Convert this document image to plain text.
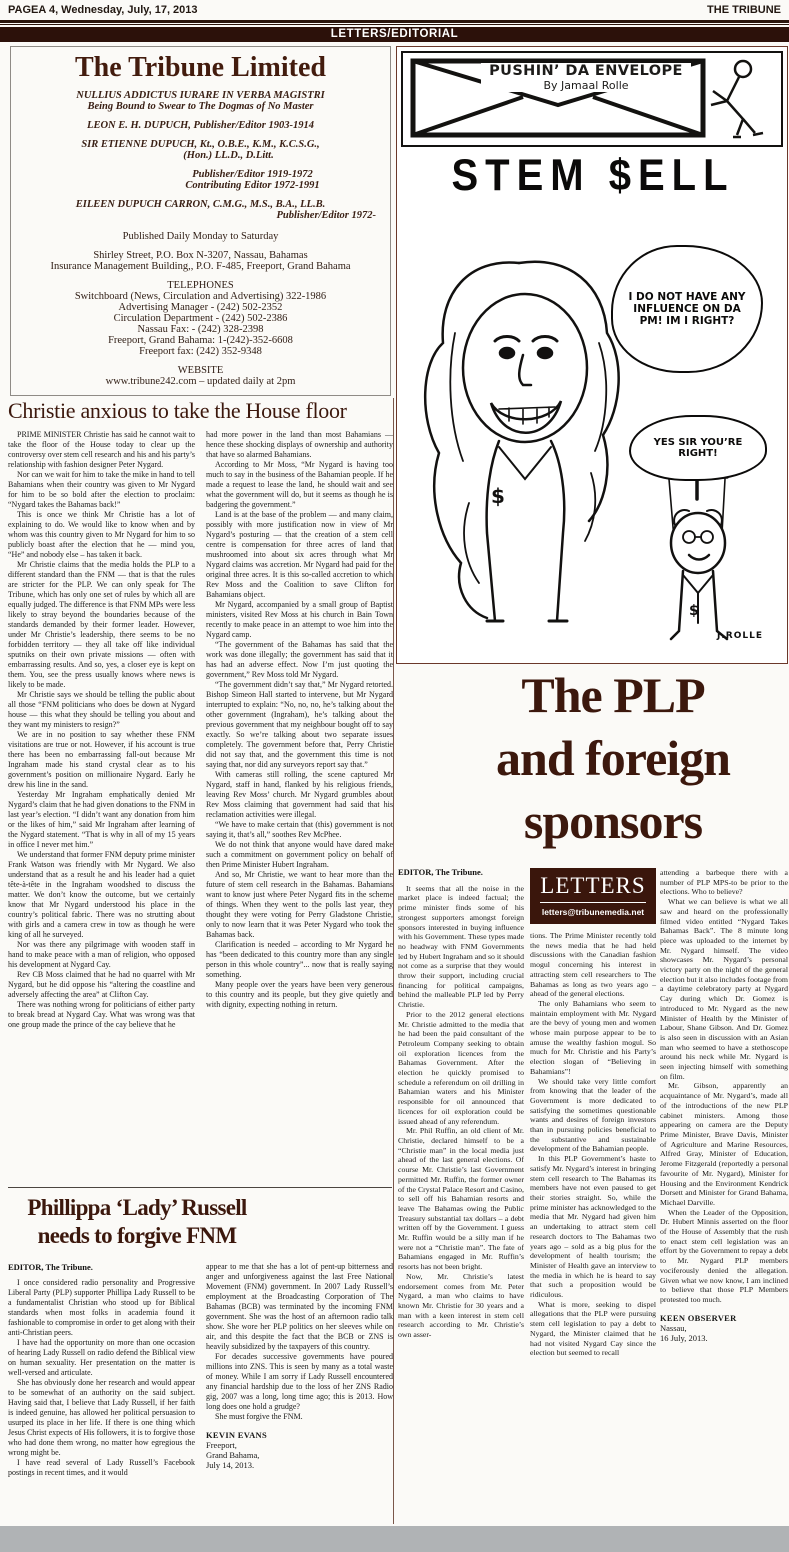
PAGEA 4, Wednesday, July, 17, 2013	THE TRIBUNE
LETTERS/EDITORIAL
The Tribune Limited
NULLIUS ADDICTUS IURARE IN VERBA MAGISTRI
Being Bound to Swear to The Dogmas of No Master
LEON E. H. DUPUCH, Publisher/Editor 1903-1914
SIR ETIENNE DUPUCH, Kt., O.B.E., K.M., K.C.S.G.,
(Hon.) LL.D., D.Litt.
Publisher/Editor 1919-1972
Contributing Editor 1972-1991
EILEEN DUPUCH CARRON, C.M.G., M.S., B.A., LL.B.
Publisher/Editor 1972-
Published Daily Monday to Saturday
Shirley Street, P.O. Box N-3207, Nassau, Bahamas
Insurance Management Building,, P.O. F-485, Freeport, Grand Bahama
TELEPHONES
Switchboard (News, Circulation and Advertising) 322-1986
Advertising Manager - (242) 502-2352
Circulation Department - (242) 502-2386
Nassau Fax: - (242) 328-2398
Freeport, Grand Bahama: 1-(242)-352-6608
Freeport fax: (242) 352-9348
WEBSITE
www.tribune242.com – updated daily at 2pm
Christie anxious to take the House floor

PRIME MINISTER Christie has said he cannot wait to take the floor of the House today to clear up the controversy over stem cell research and his and his party’s relationship with fashion designer Peter Nygard.

Nor can we wait for him to take the mike in hand to tell Bahamians when their country was given to Mr Nygard for him to be so bold after the election to proclaim: “Nygard takes the Bahamas back!”

This is once we think Mr Christie has a lot of explaining to do. We would like to know when and by whom was this country given to Mr Nygard for him to so publicly boast after the election that he — mind you, “He” and nobody else – has taken it back.

Mr Christie claims that the media holds the PLP to a different standard than the FNM — that is that the rules are stricter for the PLP. We can only speak for The Tribune, which has only one set of rules by which all are equally judged. The difference is that FNM MPs were less likely to stray beyond the boundaries because of the standards demanded by their former leader. However, under Mr Christie’s leadership, there seems to be no forbidden territory — they all take off like individual sputniks on their own private missions — often with embarrassing results. And so, yes, a closer eye is kept on them. You, see the press usually knows where news is likely to be made.

Mr Christie says we should be telling the public about all those “FNM politicians who does be down at Nygard house — this what they should be telling you about and they want my ministers to resign?”

We are in no position to say whether these FNM visitations are true or not. However, if his account is true there has been no embarrassing fall-out because Mr Ingraham made his stand crystal clear as to his government’s position on millionaire Nygard. Early he drew his line in the sand.

Yesterday Mr Ingraham emphatically denied Mr Nygard’s claim that he had given donations to the FNM in last year’s election. “I didn’t want any donation from him or the likes of him,” said Mr Ingraham after learning of the Nygard statement. “That is why in all of my 15 years in office I never met him.”

We understand that former FNM deputy prime minister Frank Watson was friendly with Mr Nygard. We also understand that as a result he and his leader had a quiet tête-à-tête in the Ingraham woodshed to discuss the matter. We don’t know the outcome, but we certainly know that Mr Nygard understood his place in the country’s political fabric. There was no strutting about with girls and a camera crew in tow as though he were king of all he surveyed.

Nor was there any pilgrimage with wooden staff in hand to make peace with a man of religion, who opposed his development at Nygard Cay.

Rev CB Moss claimed that he had no quarrel with Mr Nygard, but he did oppose his “altering the coastline and adversely affecting the area” at Clifton Cay.

There was nothing wrong for politicians of either party to break bread at Nygard Cay. What was wrong was that one group made the prince of the cay believe that he

had more power in the land than most Bahamians — hence these shocking displays of ownership and authority that have so alarmed Bahamians.

According to Mr Moss, “Mr Nygard is having too much to say in the business of the Bahamian people. If he made a request to lease the land, he should wait and see what the government will do, but it seems as though he is badgering the government.”

Land is at the base of the problem — and many claim, possibly with more justification now in view of Mr Nygard’s posturing — that the creation of a stem cell centre is compensation for three acres of land that mushroomed into about six acres through what Mr Nygard claims was accretion. Mr Nygard had paid for the original three acres. It is this so-called accretion to which Rev Moss and the Coalition to save Clifton for Bahamians object.

Mr Nygard, accompanied by a small group of Baptist ministers, visited Rev Moss at his church in Bain Town recently to make peace in an attempt to woe him into the Nygard camp.

“The government of the Bahamas has said that the work was done illegally; the government has said that it has had an adverse effect. Now I’m just quoting the government,” Rev Moss told Mr Nygard.

“The government didn’t say that,” Mr Nygard retorted. Bishop Simeon Hall started to intervene, but Mr Nygard interrupted to explain: “No, no, no, he’s talking about the other government (Ingraham), he’s talking about the previous government that my neighbour bought off to say exactly. So we’re talking about two separate issues completely. The government before that, Perry Christie did not say that, and the government this time is not saying that, nor did any surveyors report say that.”

With cameras still rolling, the scene captured Mr Nygard, staff in hand, flanked by his religious friends, leaving Rev Moss’ church. Mr Nygard grumbles about Rev Moss claiming that government had said that his reclamation activities were illegal.

“We have to make certain that (this) government is not saying it, that’s all,” soothes Rev McPhee.

We do not think that anyone would have dared make such a commitment on government policy on behalf of then Prime Minister Hubert Ingraham.

And so, Mr Christie, we want to hear more than the future of stem cell research in the Bahamas. Bahamians want to know just where Peter Nygard fits in the scheme of things. When they went to the polls last year, they thought they were voting for Perry Gladstone Christie, only to now learn that it was Peter Nygard who took the Bahamas back.

Clarification is needed – according to Mr Nygard he has “been dedicated to this country more than any single person in this whole country”... now that is really saying something.

Many people over the years have been very generous to this country and its people, but they give quietly and with dignity, expecting nothing in return.

Phillippa ‘Lady’ Russell
needs to forgive FNM
EDITOR, The Tribune.

I once considered radio personality and Progressive Liberal Party (PLP) supporter Phillipa Lady Russell to be a fundamentalist Christian who stood up for Biblical standards when most folks in academia found it fashionable to compromise in order to get along with their anti-Christian peers.

I have had the opportunity on more than one occasion of hearing Lady Russell on radio defend the Biblical view on human sexuality. Her presentation on the matter is well-versed and articulate.

She has obviously done her research and would appear to be somewhat of an authority on the said subject. Having said that, I believe that Lady Russell, if her faith is indeed genuine, has allowed her political persuasion to usurped its place in her life. If there is one thing which Jesus Christ expects of His followers, it is to forgive those who had done them wrong, no matter how egregious the wrong might be.

I have read several of Lady Russell’s Facebook postings in recent times, and it would

appear to me that she has a lot of pent-up bitterness and anger and unforgiveness against the last Free National Movement (FNM) government. In 2007 Lady Russell’s employment at the Broadcasting Corporation of The Bahamas (BCB) was terminated by the incoming FNM government. She was the host of an afternoon radio talk show. She wore her PLP politics on her sleeves while on air, and this despite the fact that the BCB or ZNS is heavily subsidized by the taxpayers of this country.

For decades successive governments have poured millions into ZNS. This is seen by many as a total waste of money. While I am sorry if Lady Russell encountered any financial hardship due to the loss of her ZNS Radio gig, 2007 was a long, long time ago; this is 2013. How long does one hold a grudge?

She must forgive the FNM.

KEVIN EVANS
Freeport,
Grand Bahama,
July 14, 2013.
PUSHIN’ DA ENVELOPE
By Jamaal Rolle
STEM $ELL
$
$
I DO NOT HAVE ANY INFLUENCE ON DA PM! IM I RIGHT?
YES SIR YOU’RE RIGHT!
J.ROLLE
The PLP
and foreign
sponsors
EDITOR, The Tribune.

It seems that all the noise in the market place is indeed factual; the prime minister finds some of his strongest supporters amongst foreign sponsors interested in buying influence with his Government. These types made no headway with FNM Governments led by Hubert Ingraham and so it should not come as a surprise that they would throw their support, including crucial financing for political campaigns, behind the malleable PLP led by Perry Christie.

Prior to the 2012 general elections Mr. Christie admitted to the media that he had been the paid consultant of the Petroleum Company seeking to obtain oil exploration licences from the Bahamas Government. After the election he quickly promised to schedule a referendum on oil drilling in Bahamian waters and his Minister responsible for oil announced that licences for oil exploration could be issued ahead of any referendum.

Mr. Phil Ruffin, an old client of Mr. Christie, declared himself to be a “Christie man” in the local media just ahead of the last general elections. Of course Mr. Christie’s last Government permitted Mr. Ruffin, the former owner of the Crystal Palace Resort and Casino, to sell off his Bahamian resorts and leave The Bahamas owing the Public Treasury substantial tax dollars – a debt written off by the Government. I guess Mr. Ruffin would be a silly man if he were not a “Christie man”. The fate of Bahamians engaged in Mr. Ruffin’s resorts has not been bright.

Now, Mr. Christie’s latest endorsement comes from Mr. Peter Nygard, a man who claims to have known Mr. Christie for 30 years and a man with a keen interest in stem cell research according to Mr. Christie’s own asser-

LETTERS
letters@tribunemedia.net

tions. The Prime Minister recently told the news media that he had held discussions with the Canadian fashion mogul concerning his interest in attracting stem cell researchers to The Bahamas as long as two years ago – ahead of the general elections.

The only Bahamians who seem to maintain employment with Mr. Nygard are the bevy of young men and women whose main purpose appear to be to amuse the wealthy fashion mogul. So much for Mr. Christie and his Party’s election slogan of “Believing in Bahamians”!

We should take very little comfort from knowing that the leader of the Government is more dedicated to satisfying the sometimes questionable wants and desires of foreign investors than in pursuing policies beneficial to the substantive and sustainable development of the Bahamian people.

In this PLP Government’s haste to satisfy Mr. Nygard’s interest in bringing stem cell research to The Bahamas its members have not even paused to get their stories straight. So, while the prime minister has acknowledged to the media that Mr. Nygard had given him an undertaking to attract stem cell research doctors to The Bahamas two years ago – sold as a big plus for the development of health tourism; the Minister of Health gave an interview to the media in which he is heard to say that such a proposition would be ridiculous.

What is more, seeking to dispel allegations that the PLP were pursuing stem cell legislation to pay a debt to Nygard, the Minister claimed that he had not visited Nygard Cay since the election but seemed to recall

attending a barbeque there with a number of PLP MPS-to be prior to the elections. Who to believe?

What we can believe is what we all saw and heard on the professionally filmed video entitled “Nygard Takes Bahamas Back”. The 8 minute long piece was uploaded to the internet by Mr. Nygard himself. The video showcases Mr. Nygard’s personal victory party on the night of the general election but it also includes footage from a daytime celebratory party at Nygard Cay during which Dr. Gomez is introduced to Mr. Nygard as the new Minister of Health by the Minister of Labour, Shane Gibson. And Dr. Gomez is also seen in discussion with an Asian man who seemed to have a stethoscope around his neck while Mr. Nygard is seen injecting himself with something on film.

Mr. Gibson, apparently an acquaintance of Mr. Nygard’s, made all of the introductions of the new PLP cabinet ministers. Among those appearing on camera are the Deputy Prime Minister, Brave Davis, Minister of Agriculture and Marine Resources, Alfred Gray, Minister of Education, Jerome Fitzgerald (reportedly a personal favourite of Mr. Nygard), Minister for Housing and the Environment Kendrick Dorsett and Minister for Grand Bahama, Michael Darville.

When the Leader of the Opposition, Dr. Hubert Minnis asserted on the floor of the House of Assembly that the rush to enact stem cell legislation was an effort by the Government to repay a debt to Mr. Nygard PLP members vociferously denied the allegation. Given what we now know, I am inclined to believe that those PLP Members protested too much.

KEEN OBSERVER
Nassau,
16 July, 2013.
